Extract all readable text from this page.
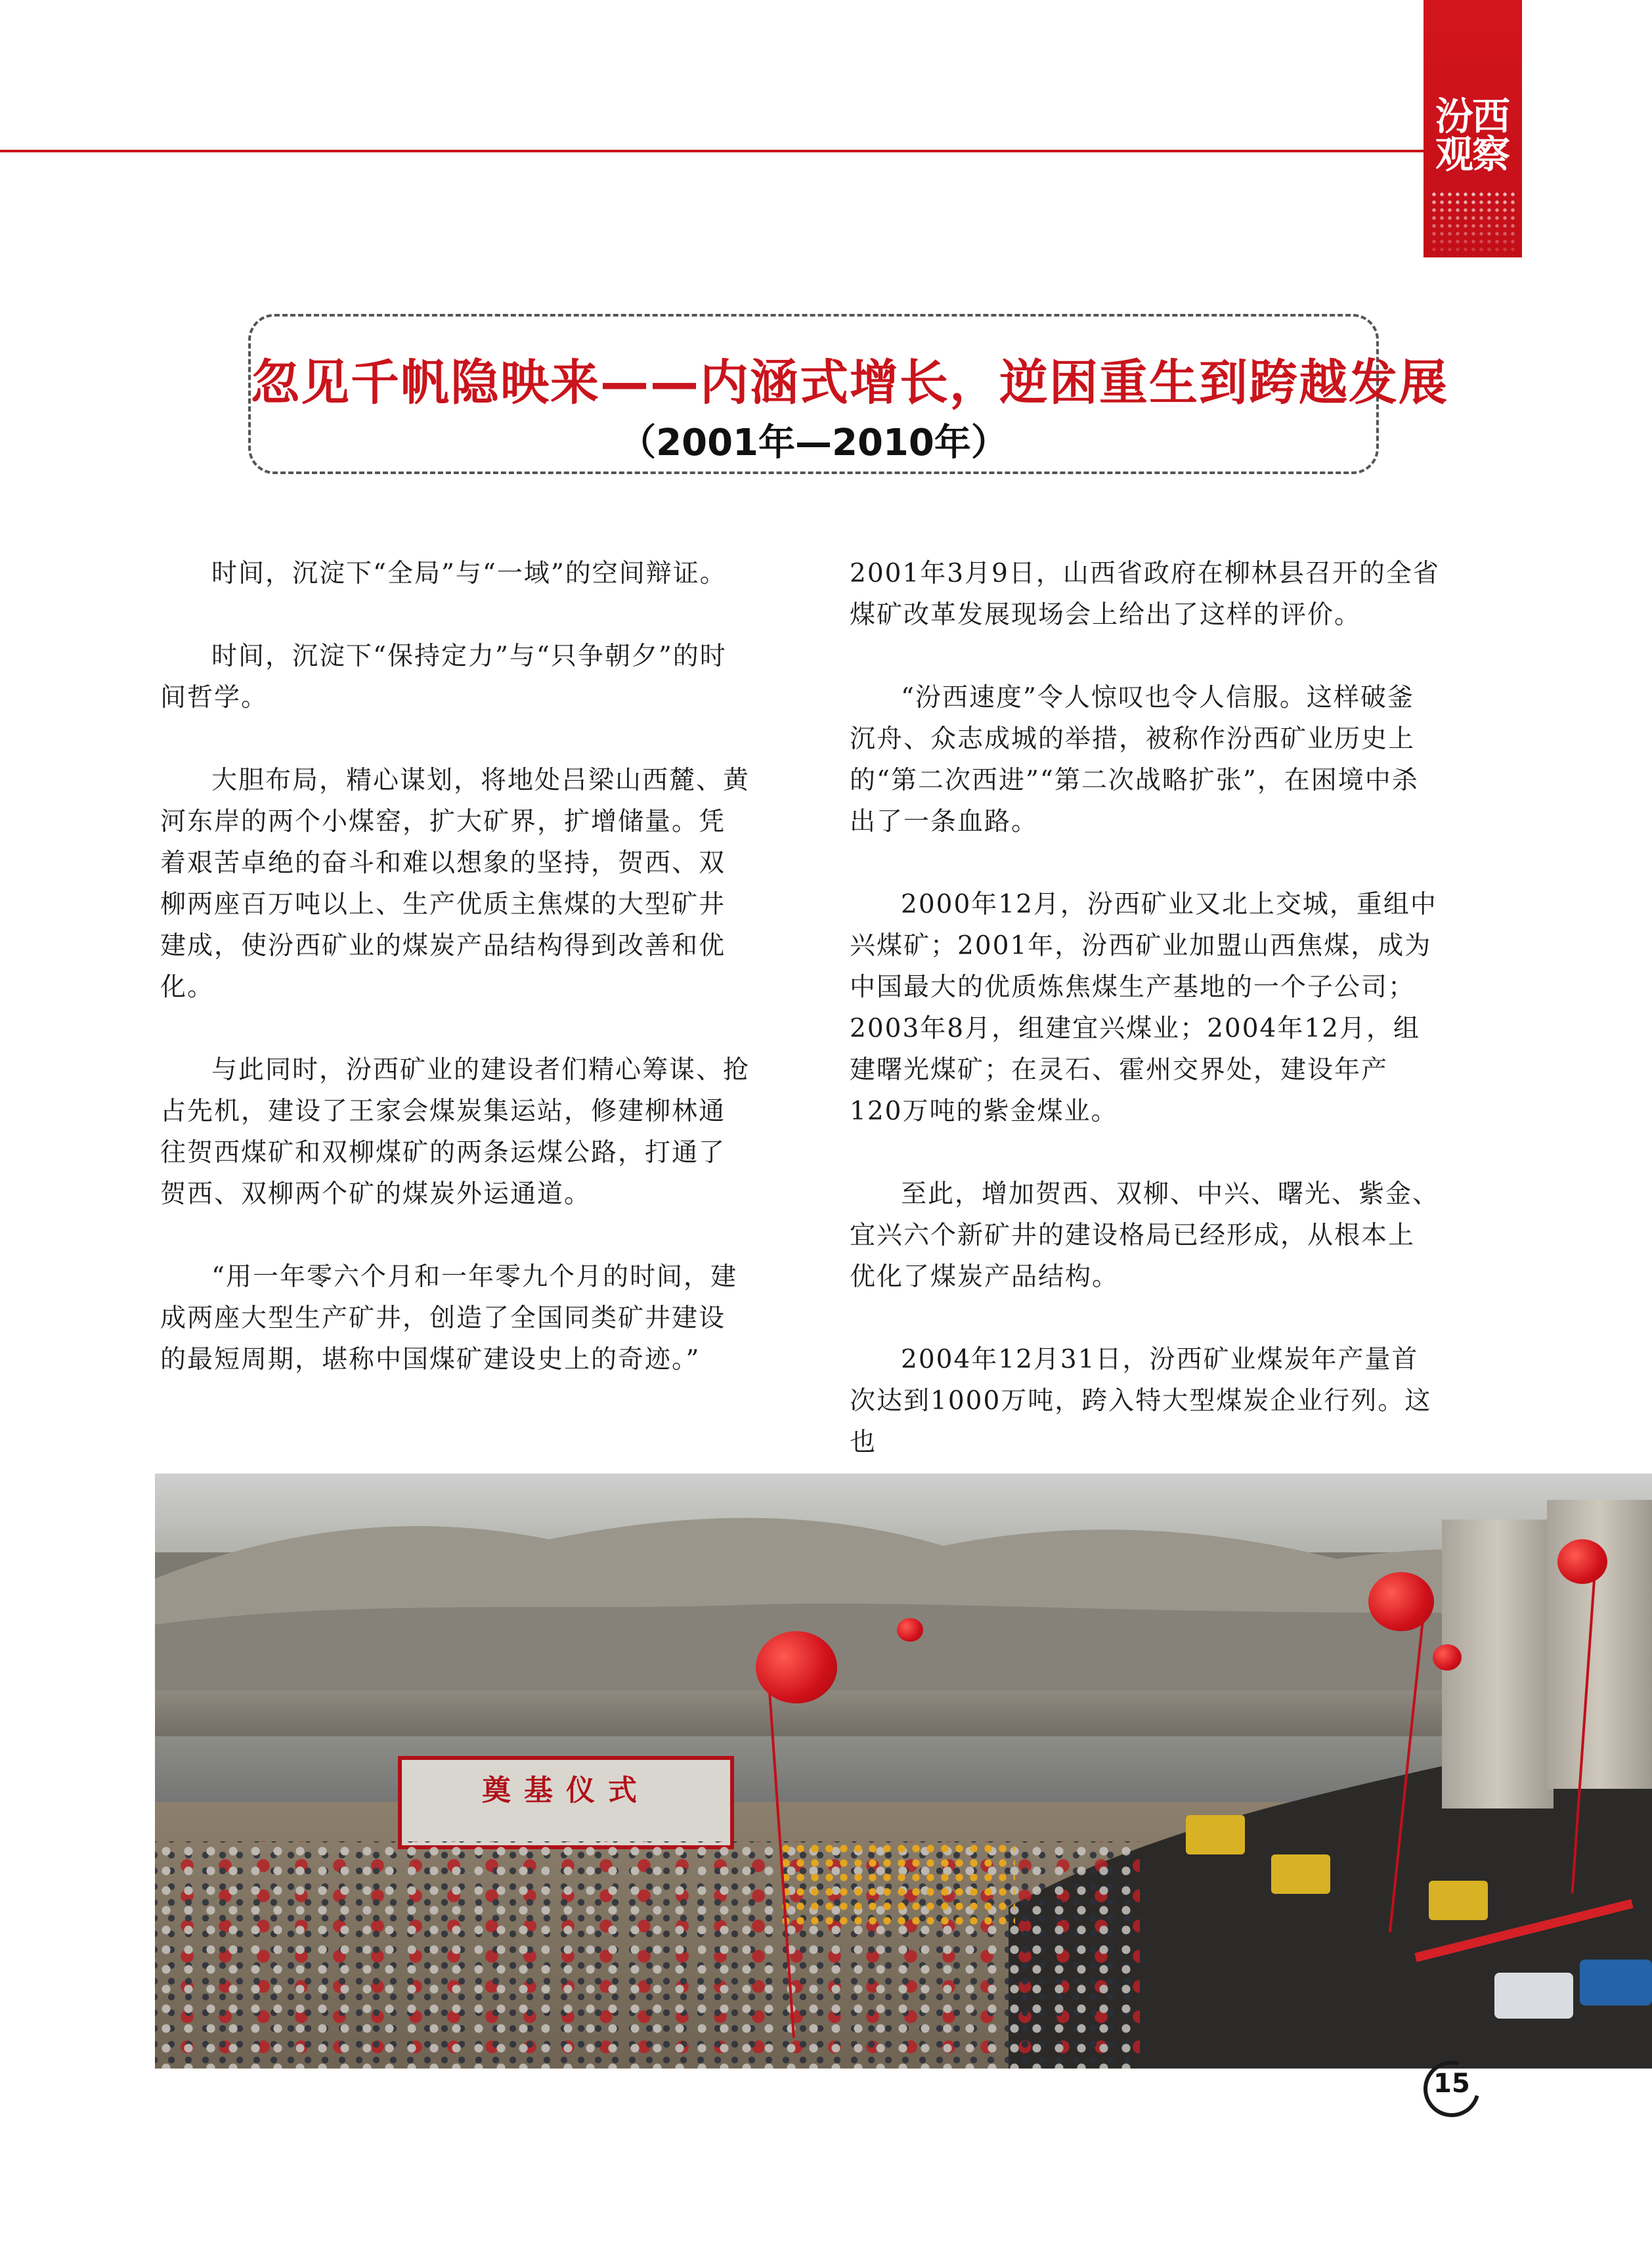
汾西
观察
忽见千帆隐映来——内涵式增长，逆困重生到跨越发展
（2001年—2010年）

时间，沉淀下“全局”与“一域”的空间辩证。

时间，沉淀下“保持定力”与“只争朝夕”的时间哲学。

大胆布局，精心谋划，将地处吕梁山西麓、黄河东岸的两个小煤窑，扩大矿界，扩增储量。凭着艰苦卓绝的奋斗和难以想象的坚持，贺西、双柳两座百万吨以上、生产优质主焦煤的大型矿井建成，使汾西矿业的煤炭产品结构得到改善和优化。

与此同时，汾西矿业的建设者们精心筹谋、抢占先机，建设了王家会煤炭集运站，修建柳林通往贺西煤矿和双柳煤矿的两条运煤公路，打通了贺西、双柳两个矿的煤炭外运通道。

“用一年零六个月和一年零九个月的时间，建成两座大型生产矿井，创造了全国同类矿井建设的最短周期，堪称中国煤矿建设史上的奇迹。”

2001年3月9日，山西省政府在柳林县召开的全省煤矿改革发展现场会上给出了这样的评价。

“汾西速度”令人惊叹也令人信服。这样破釜沉舟、众志成城的举措，被称作汾西矿业历史上的“第二次西进”“第二次战略扩张”，在困境中杀出了一条血路。

2000年12月，汾西矿业又北上交城，重组中兴煤矿；2001年，汾西矿业加盟山西焦煤，成为中国最大的优质炼焦煤生产基地的一个子公司；2003年8月，组建宜兴煤业；2004年12月，组建曙光煤矿；在灵石、霍州交界处，建设年产120万吨的紫金煤业。

至此，增加贺西、双柳、中兴、曙光、紫金、宜兴六个新矿井的建设格局已经形成，从根本上优化了煤炭产品结构。

2004年12月31日，汾西矿业煤炭年产量首次达到1000万吨，跨入特大型煤炭企业行列。这也

奠基仪式
15
